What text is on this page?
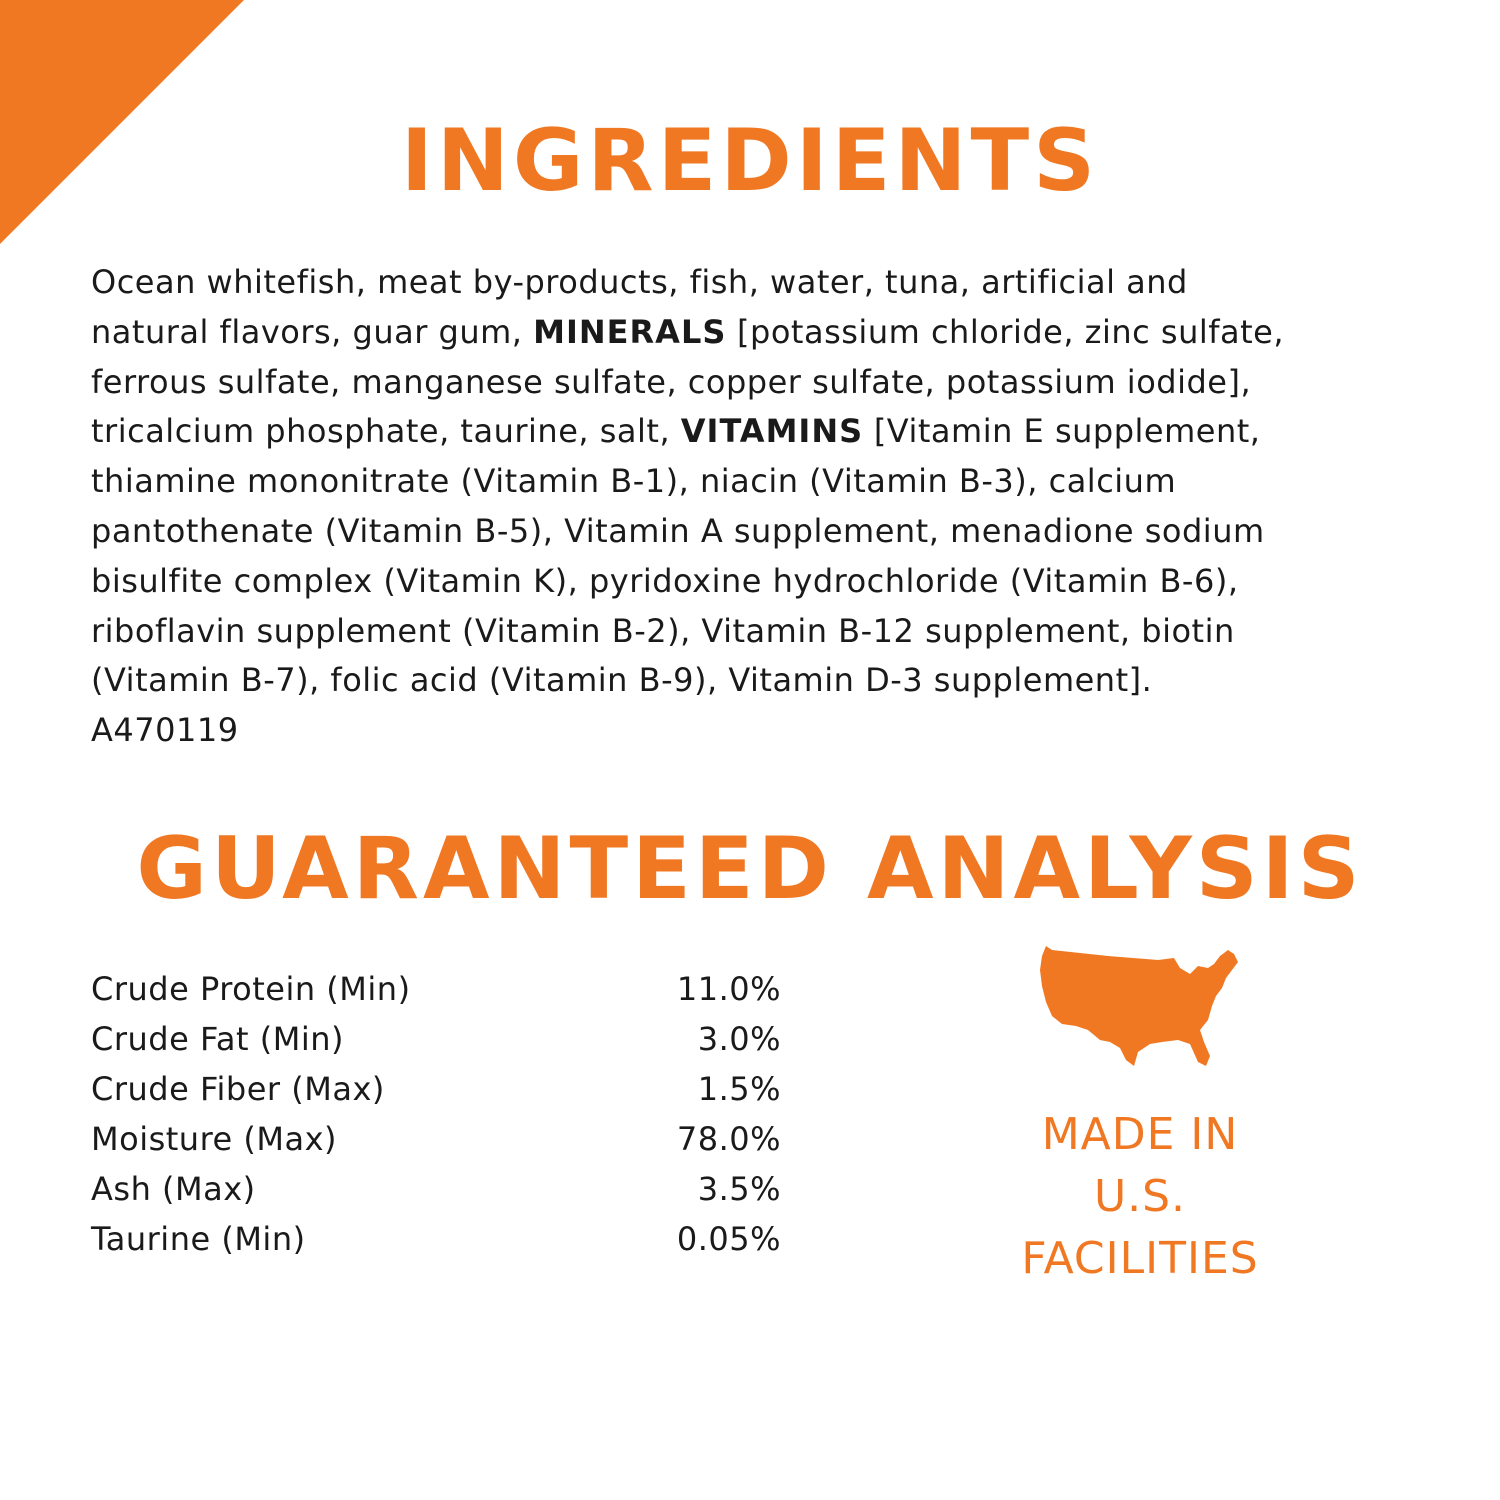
INGREDIENTS
Ocean whitefish, meat by-products, fish, water, tuna, artificial and
natural flavors, guar gum, MINERALS [potassium chloride, zinc sulfate,
ferrous sulfate, manganese sulfate, copper sulfate, potassium iodide],
tricalcium phosphate, taurine, salt, VITAMINS [Vitamin E supplement,
thiamine mononitrate (Vitamin B-1), niacin (Vitamin B-3), calcium
pantothenate (Vitamin B-5), Vitamin A supplement, menadione sodium
bisulfite complex (Vitamin K), pyridoxine hydrochloride (Vitamin B-6),
riboflavin supplement (Vitamin B-2), Vitamin B-12 supplement, biotin
(Vitamin B-7), folic acid (Vitamin B-9), Vitamin D-3 supplement].
A470119
GUARANTEED ANALYSIS
Crude Protein (Min)	11.0%
Crude Fat (Min)	3.0%
Crude Fiber (Max)	1.5%
Moisture (Max)	78.0%
Ash (Max)	3.5%
Taurine (Min)	0.05%
MADE IN
U.S.
FACILITIES
